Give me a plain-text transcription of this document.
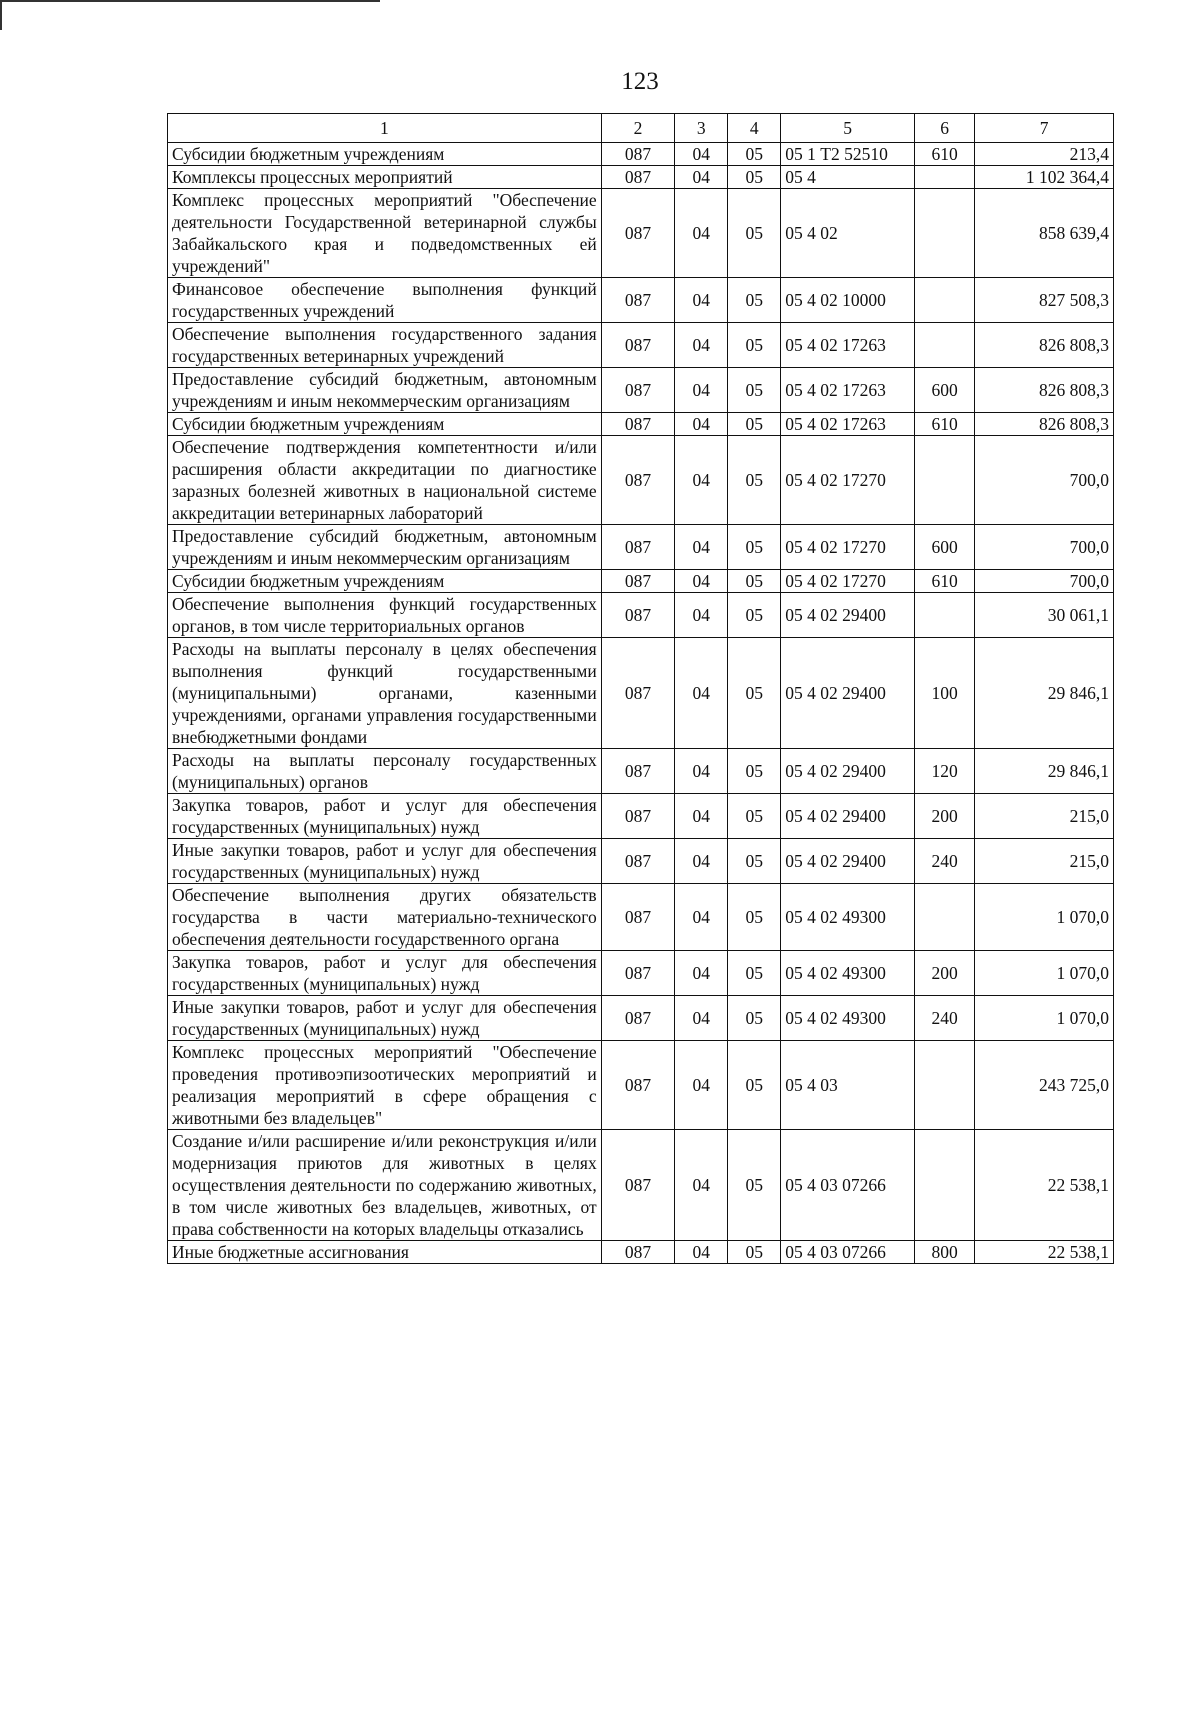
123
1	2	3	4	5	6	7
Субсидии бюджетным учреждениям	087	04	05	05 1 Т2 52510	610	213,4
Комплексы процессных мероприятий	087	04	05	05 4		1 102 364,4
Комплекс процессных мероприятий "Обеспечение деятельности Государственной ветеринарной службы Забайкальского края и подведомственных ей учреждений"	087	04	05	05 4 02		858 639,4
Финансовое обеспечение выполнения функций государственных учреждений	087	04	05	05 4 02 10000		827 508,3
Обеспечение выполнения государственного задания государственных ветеринарных учреждений	087	04	05	05 4 02 17263		826 808,3
Предоставление субсидий бюджетным, автономным учреждениям и иным некоммерческим организациям	087	04	05	05 4 02 17263	600	826 808,3
Субсидии бюджетным учреждениям	087	04	05	05 4 02 17263	610	826 808,3
Обеспечение подтверждения компетентности и/или расширения области аккредитации по диагностике заразных болезней животных в национальной системе аккредитации ветеринарных лабораторий	087	04	05	05 4 02 17270		700,0
Предоставление субсидий бюджетным, автономным учреждениям и иным некоммерческим организациям	087	04	05	05 4 02 17270	600	700,0
Субсидии бюджетным учреждениям	087	04	05	05 4 02 17270	610	700,0
Обеспечение выполнения функций государственных органов, в том числе территориальных органов	087	04	05	05 4 02 29400		30 061,1
Расходы на выплаты персоналу в целях обеспечения выполнения функций государственными (муниципальными) органами, казенными учреждениями, органами управления государственными внебюджетными фондами	087	04	05	05 4 02 29400	100	29 846,1
Расходы на выплаты персоналу государственных (муниципальных) органов	087	04	05	05 4 02 29400	120	29 846,1
Закупка товаров, работ и услуг для обеспечения государственных (муниципальных) нужд	087	04	05	05 4 02 29400	200	215,0
Иные закупки товаров, работ и услуг для обеспечения государственных (муниципальных) нужд	087	04	05	05 4 02 29400	240	215,0
Обеспечение выполнения других обязательств государства в части материально-технического обеспечения деятельности государственного органа	087	04	05	05 4 02 49300		1 070,0
Закупка товаров, работ и услуг для обеспечения государственных (муниципальных) нужд	087	04	05	05 4 02 49300	200	1 070,0
Иные закупки товаров, работ и услуг для обеспечения государственных (муниципальных) нужд	087	04	05	05 4 02 49300	240	1 070,0
Комплекс процессных мероприятий "Обеспечение проведения противоэпизоотических мероприятий и реализация мероприятий в сфере обращения с животными без владельцев"	087	04	05	05 4 03		243 725,0
Создание и/или расширение и/или реконструкция и/или модернизация приютов для животных в целях осуществления деятельности по содержанию животных, в том числе животных без владельцев, животных, от права собственности на которых владельцы отказались	087	04	05	05 4 03 07266		22 538,1
Иные бюджетные ассигнования	087	04	05	05 4 03 07266	800	22 538,1
